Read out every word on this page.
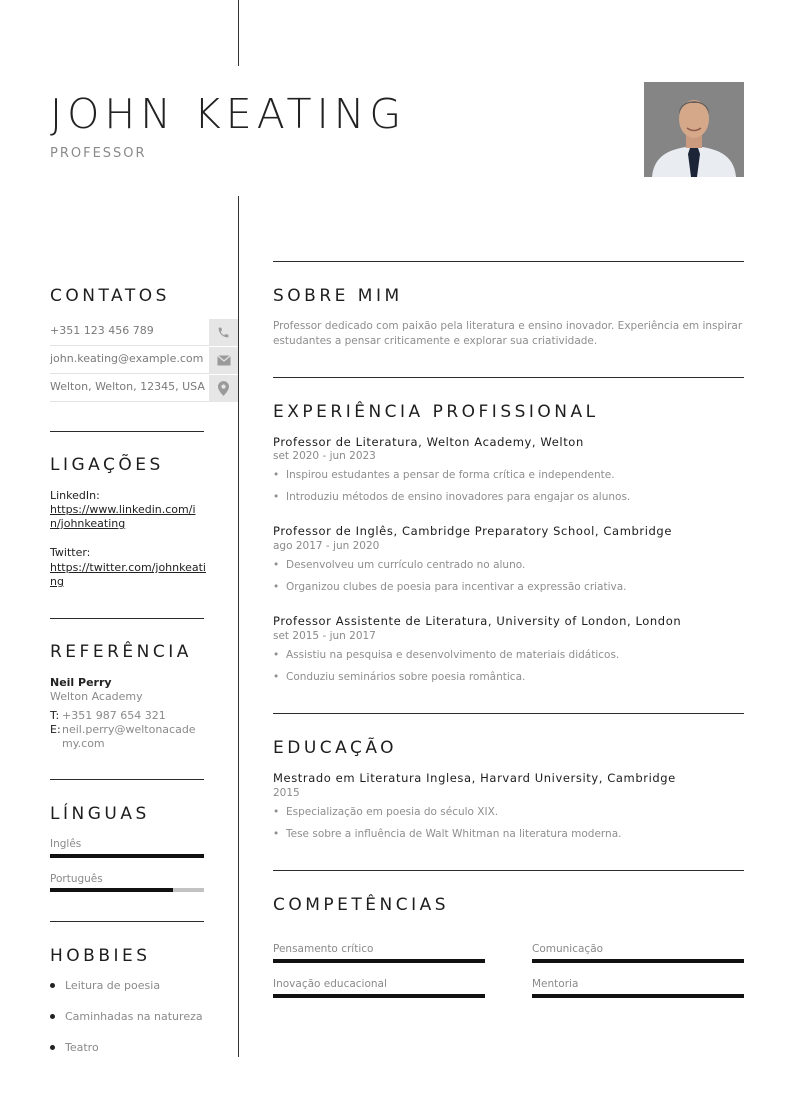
JOHN KEATING
PROFESSOR
CONTATOS
+351 123 456 789
john.keating@example.com
Welton, Welton, 12345, USA
LIGAÇÕES
LinkedIn:
https://www.linkedin.com/in/johnkeating
Twitter:
https://twitter.com/johnkeating
REFERÊNCIA
Neil Perry
Welton Academy
T: +351 987 654 321
E: neil.perry@weltonacademy.com
LÍNGUAS
Inglês
Português
HOBBIES
Leitura de poesia
Caminhadas na natureza
Teatro
SOBRE MIM
Professor dedicado com paixão pela literatura e ensino inovador. Experiência em inspirar estudantes a pensar criticamente e explorar sua criatividade.
EXPERIÊNCIA PROFISSIONAL
Professor de Literatura, Welton Academy, Welton
set 2020 - jun 2023
• Inspirou estudantes a pensar de forma crítica e independente.
• Introduziu métodos de ensino inovadores para engajar os alunos.
Professor de Inglês, Cambridge Preparatory School, Cambridge
ago 2017 - jun 2020
• Desenvolveu um currículo centrado no aluno.
• Organizou clubes de poesia para incentivar a expressão criativa.
Professor Assistente de Literatura, University of London, London
set 2015 - jun 2017
• Assistiu na pesquisa e desenvolvimento de materiais didáticos.
• Conduziu seminários sobre poesia romântica.
EDUCAÇÃO
Mestrado em Literatura Inglesa, Harvard University, Cambridge
2015
• Especialização em poesia do século XIX.
• Tese sobre a influência de Walt Whitman na literatura moderna.
COMPETÊNCIAS
Pensamento crítico	Comunicação
Inovação educacional	Mentoria
